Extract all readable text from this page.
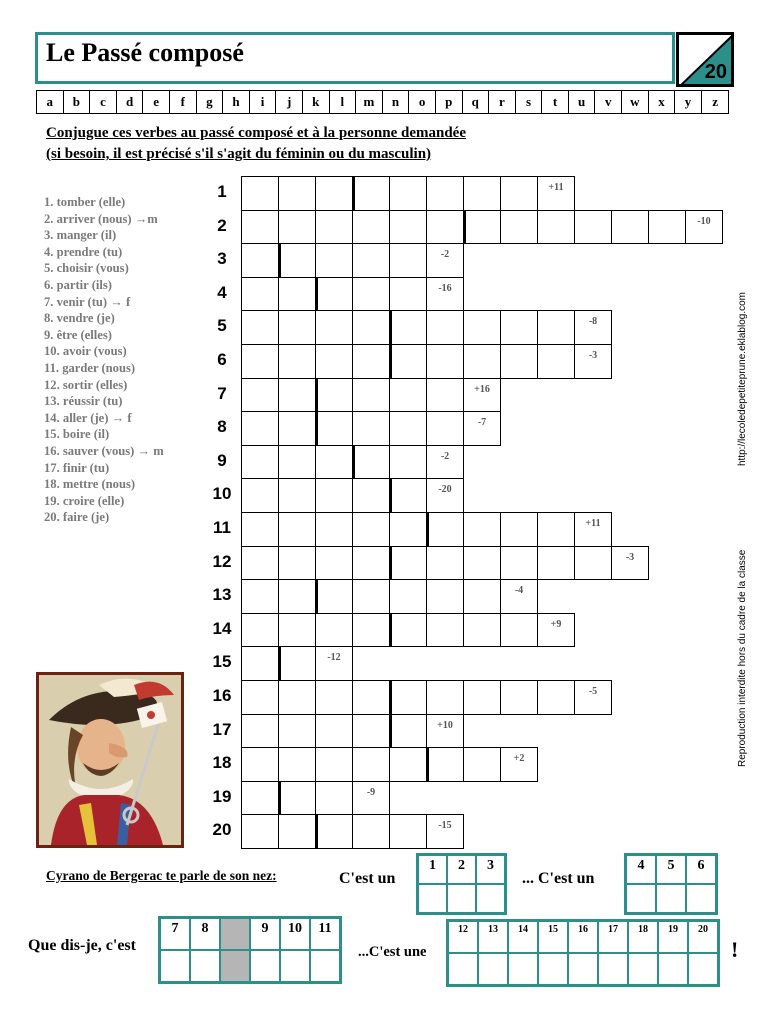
Le Passé composé
20
a	b	c	d	e	f	g	h	i	j	k	l	m	n	o	p	q	r	s	t	u	v	w	x	y	z
Conjugue ces verbes au passé composé et à la personne demandée
(si besoin, il est précisé s'il s'agit du féminin ou du masculin)
1. tomber (elle)
2. arriver (nous) →m
3. manger (il)
4. prendre (tu)
5. choisir (vous)
6. partir (ils)
7. venir (tu) → f
8. vendre (je)
9. être (elles)
10. avoir (vous)
11. garder (nous)
12. sortir (elles)
13. réussir (tu)
14. aller (je) → f
15. boire (il)
16. sauver (vous) → m
17. finir (tu)
18. mettre (nous)
19. croire (elle)
20. faire (je)
1	+11
2	-10
3	-2
4	-16
5	-8
6	-3
7	+16
8	-7
9	-2
10	-20
11	+11
12	-3
13	-4
14	+9
15	-12
16	-5
17	+10
18	+2
19	-9
20	-15
http://lecoledepetiteprune.eklablog.com
Reproduction interdite hors du cadre de la classe
Cyrano de Bergerac te parle de son nez:	C'est un	... C'est un
Que dis-je, c'est	...C'est une	!
1	2	3	4	5	6
7	8	9	10	11	12	13	14	15	16	17	18	19	20
